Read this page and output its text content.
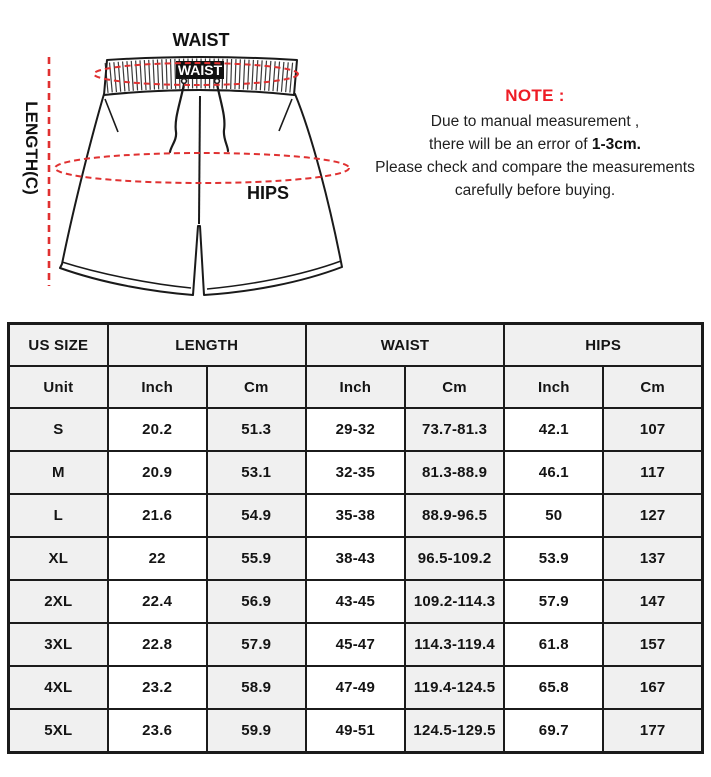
WAIST
WAIST
HIPS
LENGTH(C)
NOTE :
Due to manual measurement ,
there will be an error of 1-3cm.
Please check and compare the measurements
carefully before buying.
US SIZE	LENGTH		WAIST		HIPS	
Unit	Inch	Cm	Inch	Cm	Inch	Cm
S	20.2	51.3	29-32	73.7-81.3	42.1	107
M	20.9	53.1	32-35	81.3-88.9	46.1	117
L	21.6	54.9	35-38	88.9-96.5	50	127
XL	22	55.9	38-43	96.5-109.2	53.9	137
2XL	22.4	56.9	43-45	109.2-114.3	57.9	147
3XL	22.8	57.9	45-47	114.3-119.4	61.8	157
4XL	23.2	58.9	47-49	119.4-124.5	65.8	167
5XL	23.6	59.9	49-51	124.5-129.5	69.7	177
